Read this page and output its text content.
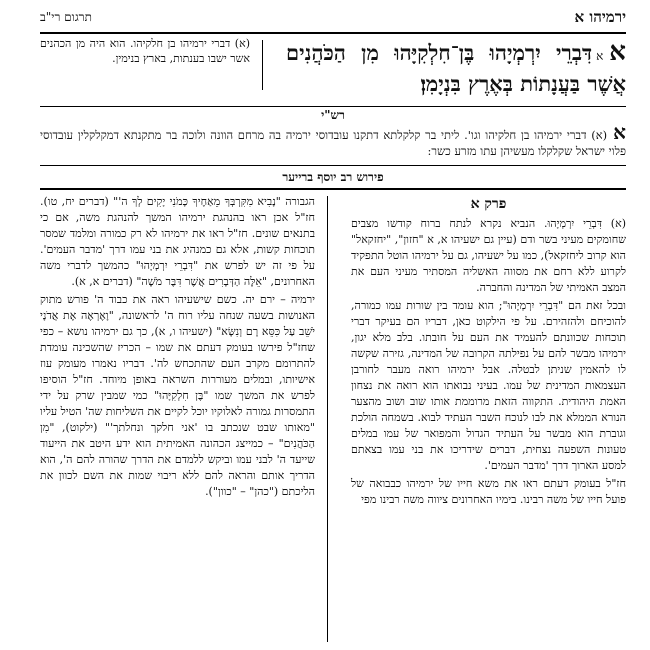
ירמיהו א
תרגום רי"ב
אאדִּבְרֵי יִרְמְיָהוּ בֶּן־חִלְקִיָּהוּ מִן הַכֹּהֲנִים אֲשֶׁר בַּעֲנָתוֹת בְּאֶרֶץ בִּנְיָמִן׃
(א) דברי ירמיהו בן חלקיהו. הוא היה מן הכהנים אשר ישבו בענתות, בארץ בנימין.
רש"י
א(א) דברי ירמיהו בן חלקיהו וגו'. ליתי בר קלקלתא דתקנו עובדוסי ירמיה בה מרחם הוונה ולוכה בר מתקנתא דמקלקלין עובדוסי פלוי ישראל שקלקלו מעשיהן עתו מזרע כשר:
פירוש רב יוסף ברייער
פרק א

(א) דִּבְרֵי יִרְמְיָהוּ. הנביא נקרא לנתח ברוח קודשו מצבים שחומקים מעיני בשר ודם (עיין גם ישעיהו א, א "חזון", "יחזקאל" הוא קרוב ליחזקאל), כמו על ישעיהו, גם על ירמיהו הוטל התפקיד לקרוע ללא רחם את מסווה האשליה המסתיר מעיני העם את המצב האמיתי של המדינה והחברה.

ובכל זאת הם "דִּבְרֵי יִרְמְיָהוּ"; הוא עומד בין שורות עמו כמורה, להוכיחם ולהזהירם. על פי הילקוט כאן, דבריו הם בעיקר דברי תוכחות שכוונתם להעמיד את העם על חובתו. בלב מלא יגון, ירמיהו מבשר להם על נפילתה הקרובה של המדינה, גזירה שקשה לו להאמין שניתן לבטלה. אבל ירמיהו רואה מעבר לחורבן העצמאות המדינית של עמו. בעיני נבואתו הוא רואה את נצחון האמת היהודית. התקווה הזאת מרוממת אותו שוב ושוב מהצער הנורא הממלא את לבו לנוכח השבר העתיד לבוא. בשמחה הולכת וגוברת הוא מבשר על העתיד הגדול והמפואר של עמו במלים טעונות השפעה נצחית, דברים שידריכו את בני עמו בצאתם למסע הארוך דרך 'מדבר העמים'.

חז"ל בעומק דעתם ראו את משא חייו של ירמיהו כבבואה של פועל חייו של משה רבינו. בימיו האחרונים ציווה משה רבינו מפי

הגבורה "נָבִיא מִקִּרְבְּךָ מֵאַחֶיךָ כָּמֹנִי יָקִים לְךָ ה'" (דברים יח, טו). חז"ל אכן ראו בהנהגת ירמיהו המשך להנהגת משה, אם כי בתנאים שונים. חז"ל ראו את ירמיהו לא רק כמורה ומלמד שמסר תוכחות קשות, אלא גם כמנהיג את בני עמו דרך 'מדבר העמים'. על פי זה יש לפרש את "דִּבְרֵי יִרְמְיָהוּ" כהמשך לדברי משה האחרונים, "אֵלֶּה הַדְּבָרִים אֲשֶׁר דִּבֶּר מֹשֶׁה" (דברים א, א).

ירמיה – ירם יה. כשם שישעיהו ראה את כבוד ה' פורש מתוק האנושות בשעה שנחה עליו רוח ה' לראשונה, "וָאֶרְאֶה אֶת אֲדֹנָי יֹשֵׁב עַל כִּסֵּא רָם וְנִשָּׂא" (ישעיהו ו, א), כך גם ירמיהו נושא – כפי שחז"ל פירשו בעומק דעתם את שמו – הכריז שהשכינה עומדת להתרומם מקרב העם שהתכחש לה'. דבריו נאמרו מעומק עוז אישיותו, ובמלים מעוררות השראה באופן מיוחד. חז"ל הוסיפו לפרש את המשך שמו "בֶּן חִלְקִיָּהוּ" כמי שמבין שרק על ידי התמסרות גמורה לאלוקיו יוכל לקיים את השליחות שה' הטיל עליו "מאותו שבט שנכתב בו 'אני חלקך ונחלתך'" (ילקוט), "מִן הַכֹּהֲנִים" – כמייצג הכהונה האמיתית הוא ידע היטב את הייעוד שייעד ה' לבני עמו וביקש ללמדם את הדרך שהורה להם ה', הוא הדריך אותם והראה להם ללא ריבוי שמות את השם לכוון את הליכתם ("כהן" – "כוון").
